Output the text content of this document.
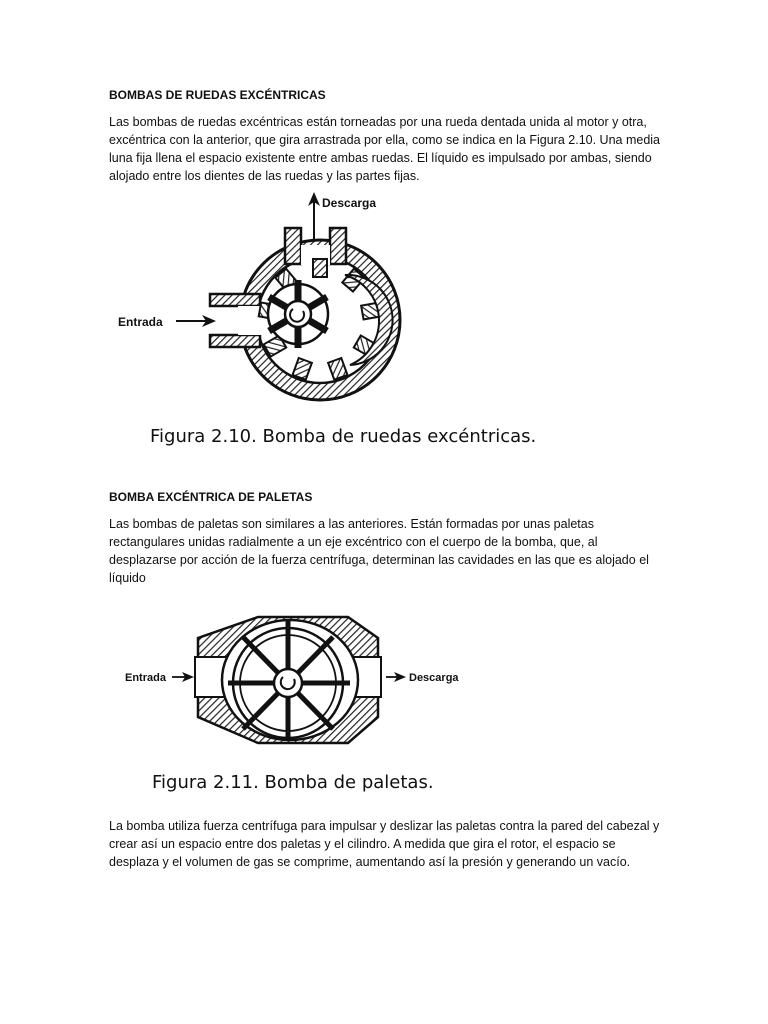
BOMBAS DE RUEDAS EXCÉNTRICAS

Las bombas de ruedas excéntricas están torneadas por una rueda dentada unida al motor y otra, excéntrica con la anterior, que gira arrastrada por ella, como se indica en la Figura 2.10. Una media luna fija llena el espacio existente entre ambas ruedas. El líquido es impulsado por ambas, siendo alojado entre los dientes de las ruedas y las partes fijas.

Descarga
Entrada

Figura 2.10. Bomba de ruedas excéntricas.

BOMBA EXCÉNTRICA DE PALETAS

Las bombas de paletas son similares a las anteriores. Están formadas por unas paletas rectangulares unidas radialmente a un eje excéntrico con el cuerpo de la bomba, que, al desplazarse por acción de la fuerza centrífuga, determinan las cavidades en las que es alojado el líquido

Entrada	Descarga

Figura 2.11. Bomba de paletas.

La bomba utiliza fuerza centrífuga para impulsar y deslizar las paletas contra la pared del cabezal y crear así un espacio entre dos paletas y el cilindro. A medida que gira el rotor, el espacio se desplaza y el volumen de gas se comprime, aumentando así la presión y generando un vacío.
